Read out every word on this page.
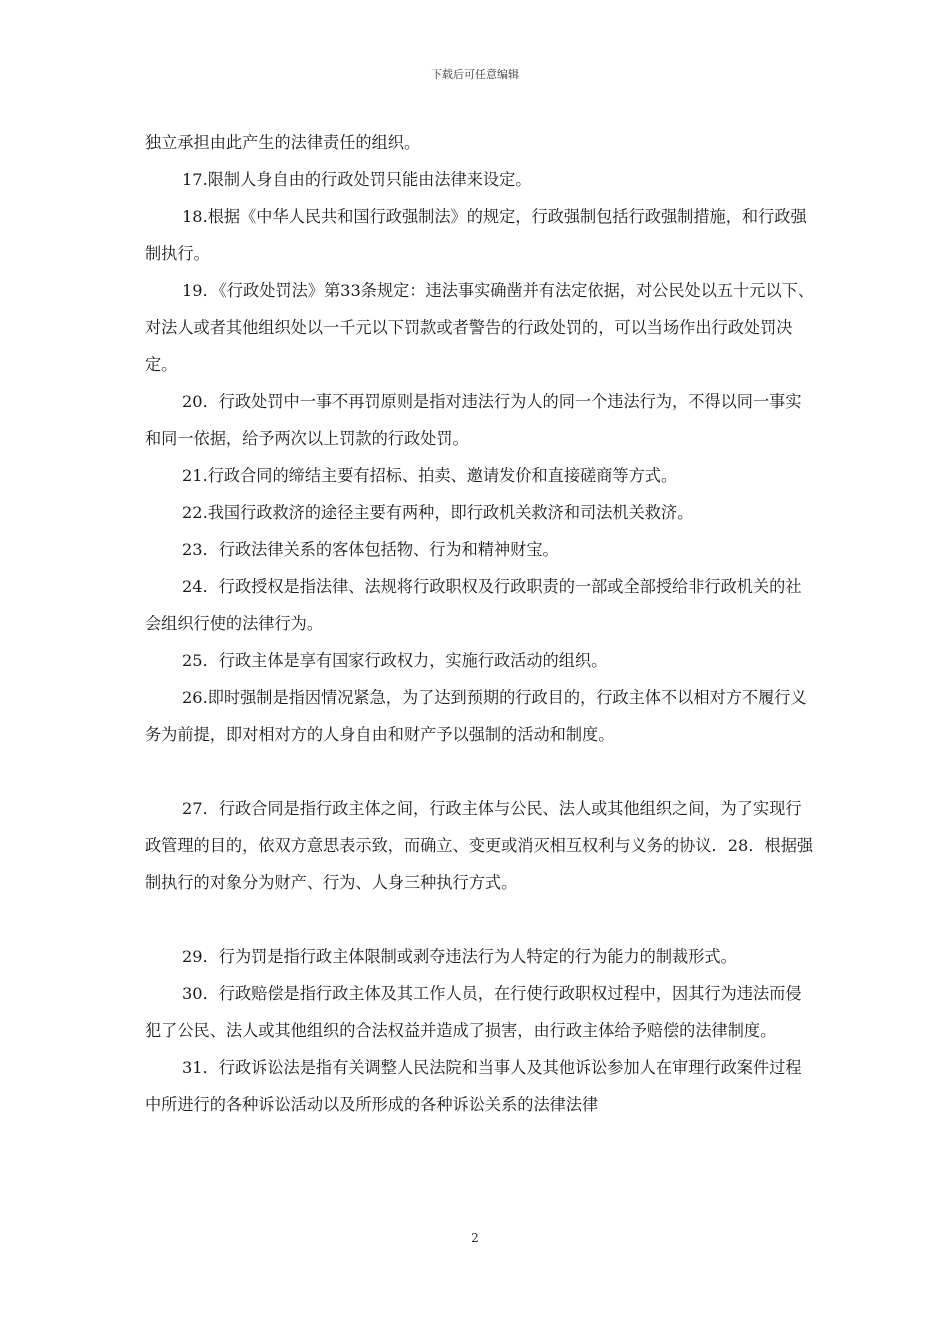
下载后可任意编辑

独立承担由此产生的法律责任的组织。

17.限制人身自由的行政处罚只能由法律来设定。

18.根据《中华人民共和国行政强制法》的规定，行政强制包括行政强制措施，和行政强制执行。

19．《行政处罚法》第33条规定：违法事实确凿并有法定依据，对公民处以五十元以下、对法人或者其他组织处以一千元以下罚款或者警告的行政处罚的，可以当场作出行政处罚决定。

20．行政处罚中一事不再罚原则是指对违法行为人的同一个违法行为，不得以同一事实和同一依据，给予两次以上罚款的行政处罚。

21.行政合同的缔结主要有招标、拍卖、邀请发价和直接磋商等方式。

22.我国行政救济的途径主要有两种，即行政机关救济和司法机关救济。

23．行政法律关系的客体包括物、行为和精神财宝。

24．行政授权是指法律、法规将行政职权及行政职责的一部或全部授给非行政机关的社会组织行使的法律行为。

25．行政主体是享有国家行政权力，实施行政活动的组织。

26.即时强制是指因情况紧急，为了达到预期的行政目的，行政主体不以相对方不履行义务为前提，即对相对方的人身自由和财产予以强制的活动和制度。

27．行政合同是指行政主体之间，行政主体与公民、法人或其他组织之间，为了实现行政管理的目的，依双方意思表示致，而确立、变更或消灭相互权利与义务的协议．28．根据强制执行的对象分为财产、行为、人身三种执行方式。

29．行为罚是指行政主体限制或剥夺违法行为人特定的行为能力的制裁形式。

30．行政赔偿是指行政主体及其工作人员，在行使行政职权过程中，因其行为违法而侵犯了公民、法人或其他组织的合法权益并造成了损害，由行政主体给予赔偿的法律制度。

31．行政诉讼法是指有关调整人民法院和当事人及其他诉讼参加人在审理行政案件过程中所进行的各种诉讼活动以及所形成的各种诉讼关系的法律法律

2
